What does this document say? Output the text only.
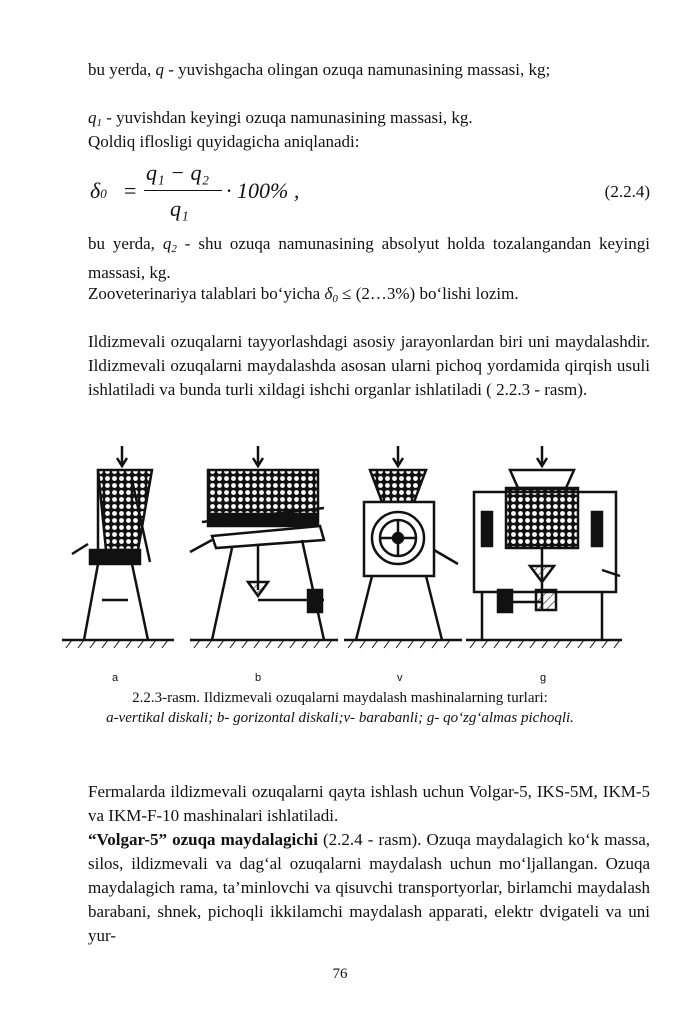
bu yerda, q - yuvishgacha olingan ozuqa namunasining massasi, kg;
$q_1$ - yuvishdan keyingi ozuqa namunasining massasi, kg.
Qoldiq iflosligi quyidagicha aniqlanadi:
δ0 =
q₁ − q₂
· 100% ,
q₁
(2.2.4)
bu yerda, $q_2$ - shu ozuqa namunasining absolyut holda tozalangandan keyingi massasi, kg.
Zooveterinariya talablari bo‘yicha $\delta_0$ ≤ (2…3%) bo‘lishi lozim.
Ildizmevali ozuqalarni tayyorlashdagi asosiy jarayonlardan biri uni maydalashdir. Ildizmevali ozuqalarni maydalashda asosan ularni pichoq yordamida qirqish usuli ishlatiladi va bunda turli xildagi ishchi organlar ishlatiladi ( 2.2.3 - rasm).
a	b	v	g
2.2.3-rasm. Ildizmevali ozuqalarni maydalash mashinalarning turlari:
a-vertikal diskali; b- gorizontal diskali;v- barabanli; g- qo‘zg‘almas pichoqli.
Fermalarda ildizmevali ozuqalarni qayta ishlash uchun Volgar-5, IKS-5M, IKM-5 va IKM-F-10 mashinalari ishlatiladi.
“Volgar-5” ozuqa maydalagichi (2.2.4 - rasm). Ozuqa maydalagich ko‘k massa, silos, ildizmevali va dag‘al ozuqalarni maydalash uchun mo‘ljallangan. Ozuqa maydalagich rama, ta’minlovchi va qisuvchi transportyorlar, birlamchi maydalash barabani, shnek, pichoqli ikkilamchi maydalash apparati, elektr dvigateli va uni yur-
76
